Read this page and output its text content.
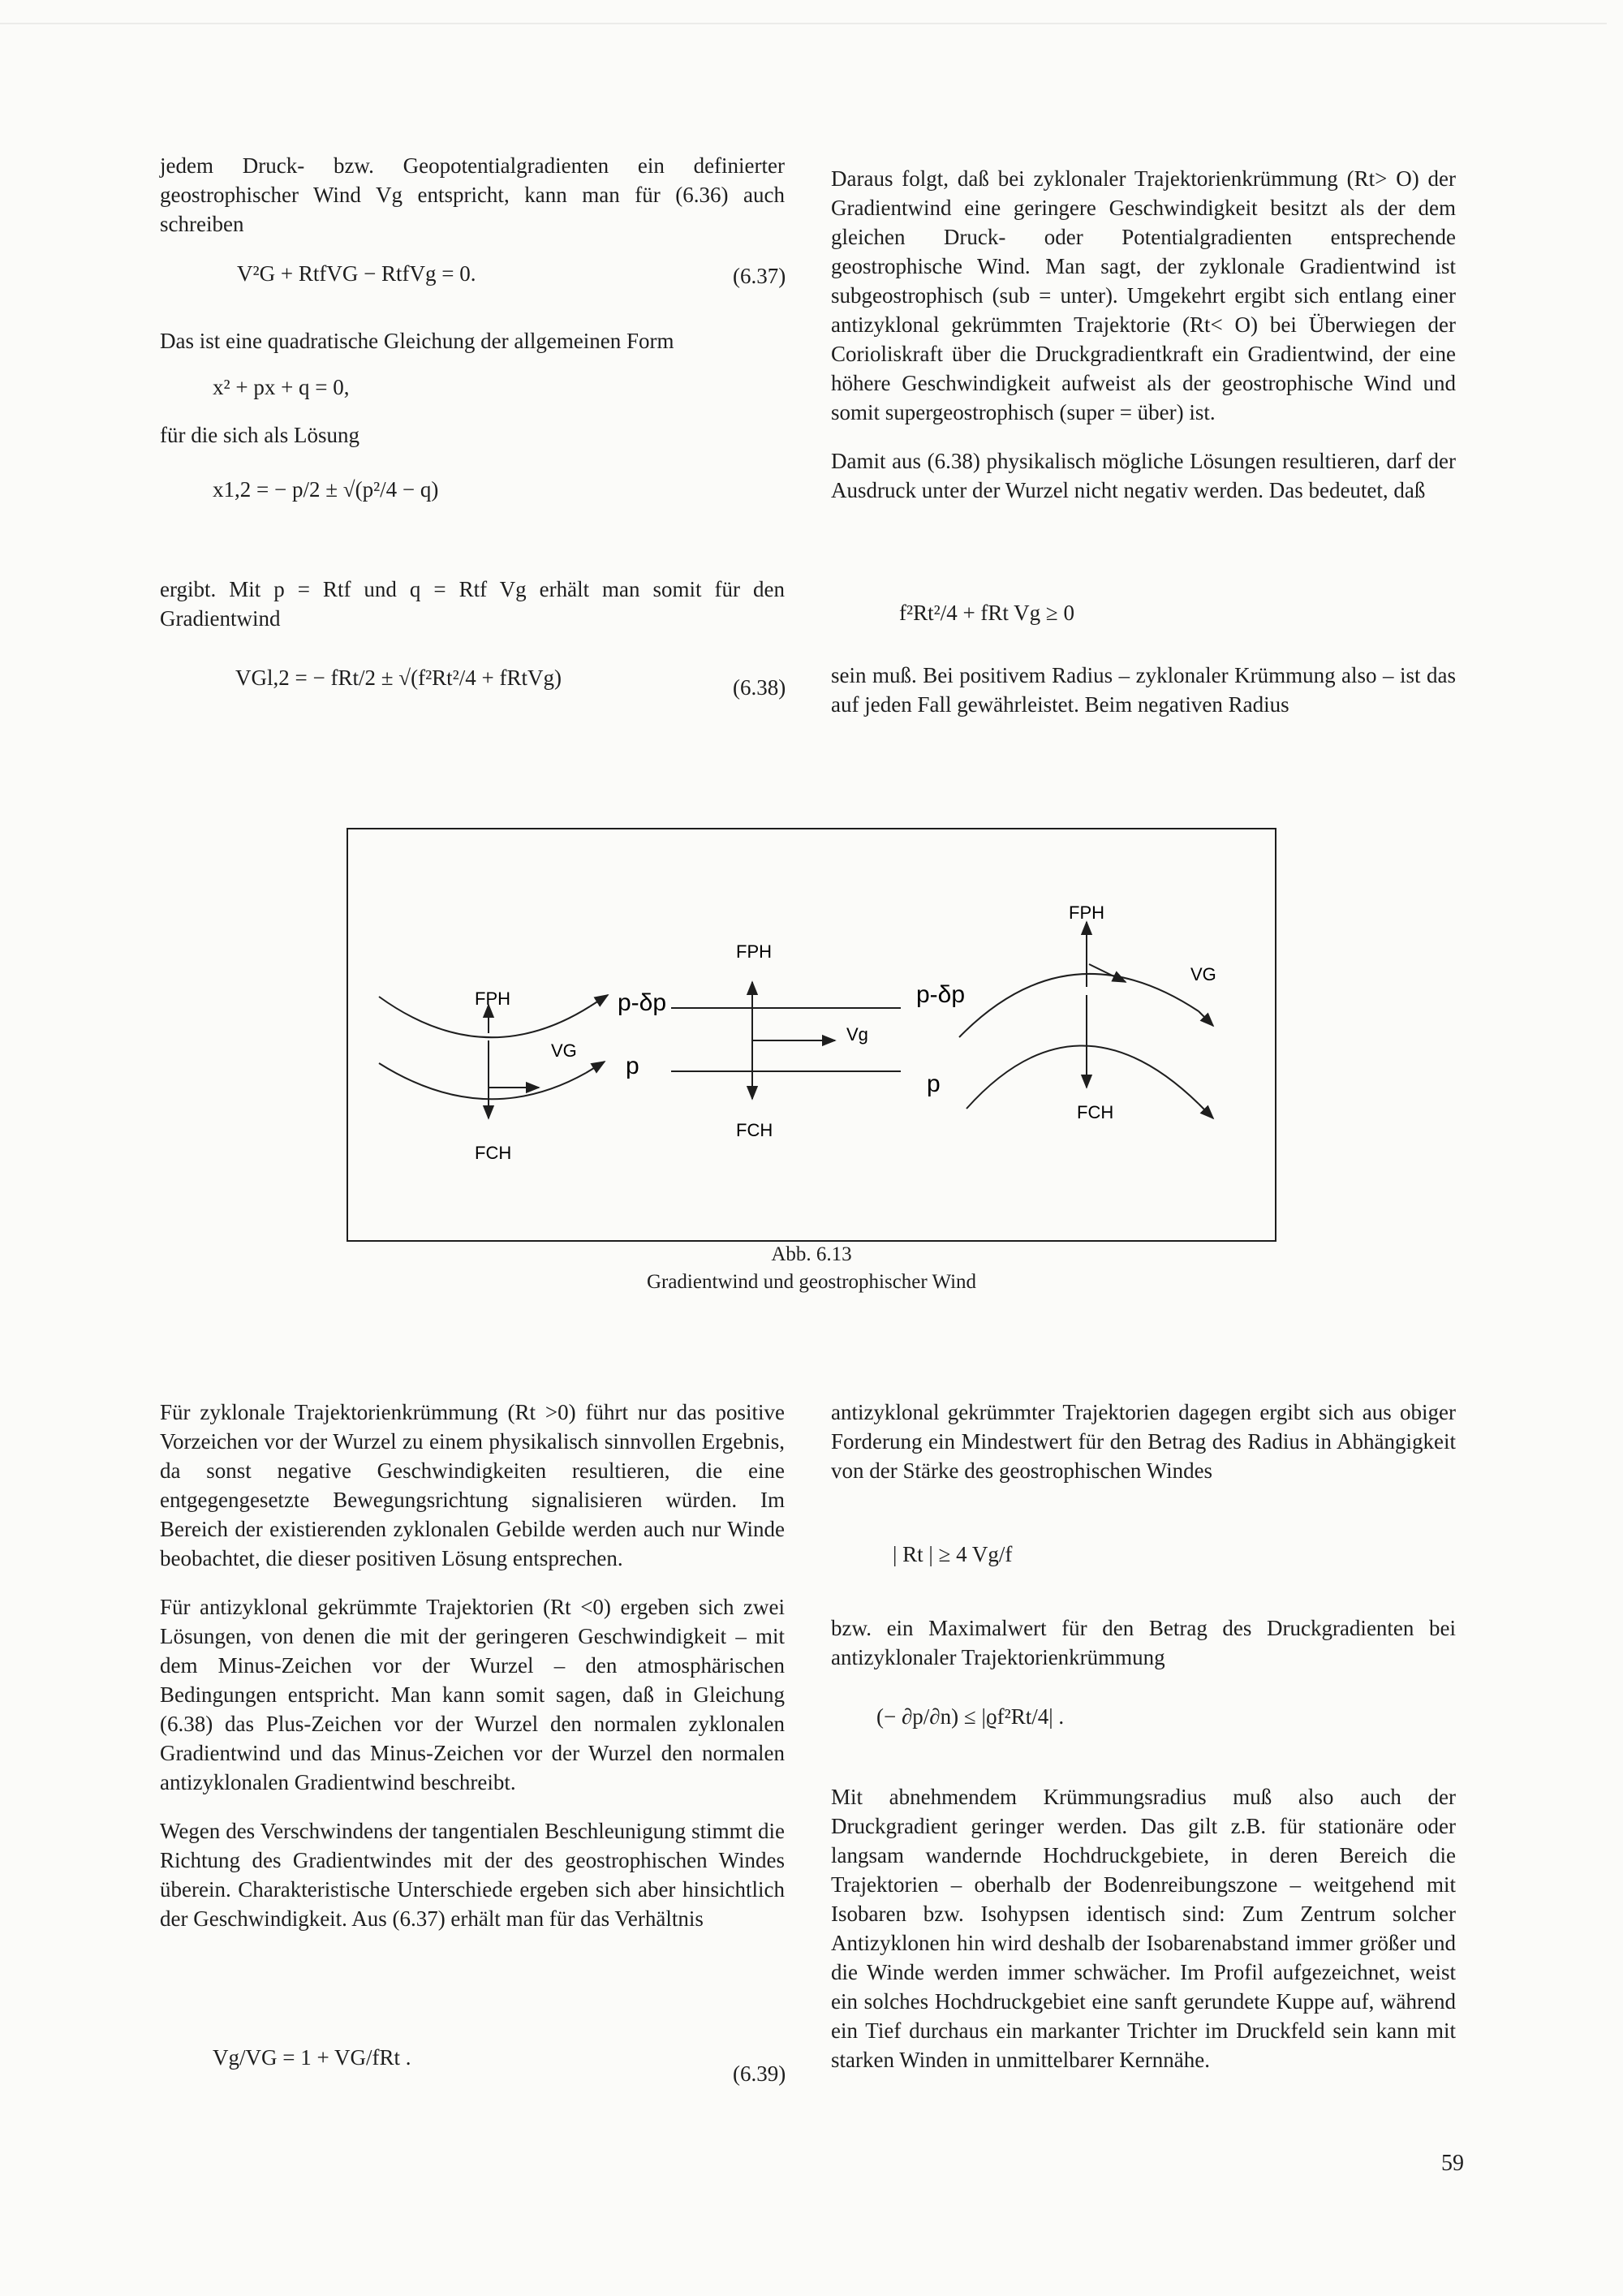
jedem Druck- bzw. Geopotentialgradienten ein definierter geostrophischer Wind Vg entspricht, kann man für (6.36) auch schreiben

V²G + RtfVG − RtfVg = 0.	(6.37)

Das ist eine quadratische Gleichung der allgemeinen Form

x² + px + q = 0,

für die sich als Lösung

x1,2 = − p/2 ± √(p²/4 − q)

ergibt. Mit p = Rtf und q = Rtf Vg erhält man somit für den Gradientwind

VGl,2 = − fRt/2 ± √(f²Rt²/4 + fRtVg)	(6.38)

Daraus folgt, daß bei zyklonaler Trajektorienkrümmung (Rt> O) der Gradientwind eine geringere Geschwindigkeit besitzt als der dem gleichen Druck- oder Potentialgradienten entsprechende geostrophische Wind. Man sagt, der zyklonale Gradientwind ist subgeostrophisch (sub = unter). Umgekehrt ergibt sich entlang einer antizyklonal gekrümmten Trajektorie (Rt< O) bei Überwiegen der Corioliskraft über die Druckgradientkraft ein Gradientwind, der eine höhere Geschwindigkeit aufweist als der geostrophische Wind und somit supergeostrophisch (super = über) ist.

Damit aus (6.38) physikalisch mögliche Lösungen resultieren, darf der Ausdruck unter der Wurzel nicht negativ werden. Das bedeutet, daß

f²Rt²/4 + fRt Vg ≥ 0

sein muß. Bei positivem Radius – zyklonaler Krümmung also – ist das auf jeden Fall gewährleistet. Beim negativen Radius

FPH
VG
FCH
p-δp
p
FPH
Vg
FCH
FPH
VG
FCH
p-δp
p
Abb. 6.13
Gradientwind und geostrophischer Wind

Für zyklonale Trajektorienkrümmung (Rt >0) führt nur das positive Vorzeichen vor der Wurzel zu einem physikalisch sinnvollen Ergebnis, da sonst negative Geschwindigkeiten resultieren, die eine entgegengesetzte Bewegungsrichtung signalisieren würden. Im Bereich der existierenden zyklonalen Gebilde werden auch nur Winde beobachtet, die dieser positiven Lösung entsprechen.

Für antizyklonal gekrümmte Trajektorien (Rt <0) ergeben sich zwei Lösungen, von denen die mit der geringeren Geschwindigkeit – mit dem Minus-Zeichen vor der Wurzel – den atmosphärischen Bedingungen entspricht. Man kann somit sagen, daß in Gleichung (6.38) das Plus-Zeichen vor der Wurzel den normalen zyklonalen Gradientwind und das Minus-Zeichen vor der Wurzel den normalen antizyklonalen Gradientwind beschreibt.

Wegen des Verschwindens der tangentialen Beschleunigung stimmt die Richtung des Gradientwindes mit der des geostrophischen Windes überein. Charakteristische Unterschiede ergeben sich aber hinsichtlich der Geschwindigkeit. Aus (6.37) erhält man für das Verhältnis

Vg/VG = 1 + VG/fRt .
(6.39)

antizyklonal gekrümmter Trajektorien dagegen ergibt sich aus obiger Forderung ein Mindestwert für den Betrag des Radius in Abhängigkeit von der Stärke des geostrophischen Windes

| Rt | ≥ 4 Vg/f

bzw. ein Maximalwert für den Betrag des Druckgradienten bei antizyklonaler Trajektorienkrümmung

(− ∂p/∂n) ≤ |ϱf²Rt/4| .

Mit abnehmendem Krümmungsradius muß also auch der Druckgradient geringer werden. Das gilt z.B. für stationäre oder langsam wandernde Hochdruckgebiete, in deren Bereich die Trajektorien – oberhalb der Bodenreibungszone – weitgehend mit Isobaren bzw. Isohypsen identisch sind: Zum Zentrum solcher Antizyklonen hin wird deshalb der Isobarenabstand immer größer und die Winde werden immer schwächer. Im Profil aufgezeichnet, weist ein solches Hochdruckgebiet eine sanft gerundete Kuppe auf, während ein Tief durchaus ein markanter Trichter im Druckfeld sein kann mit starken Winden in unmittelbarer Kernnähe.

59
